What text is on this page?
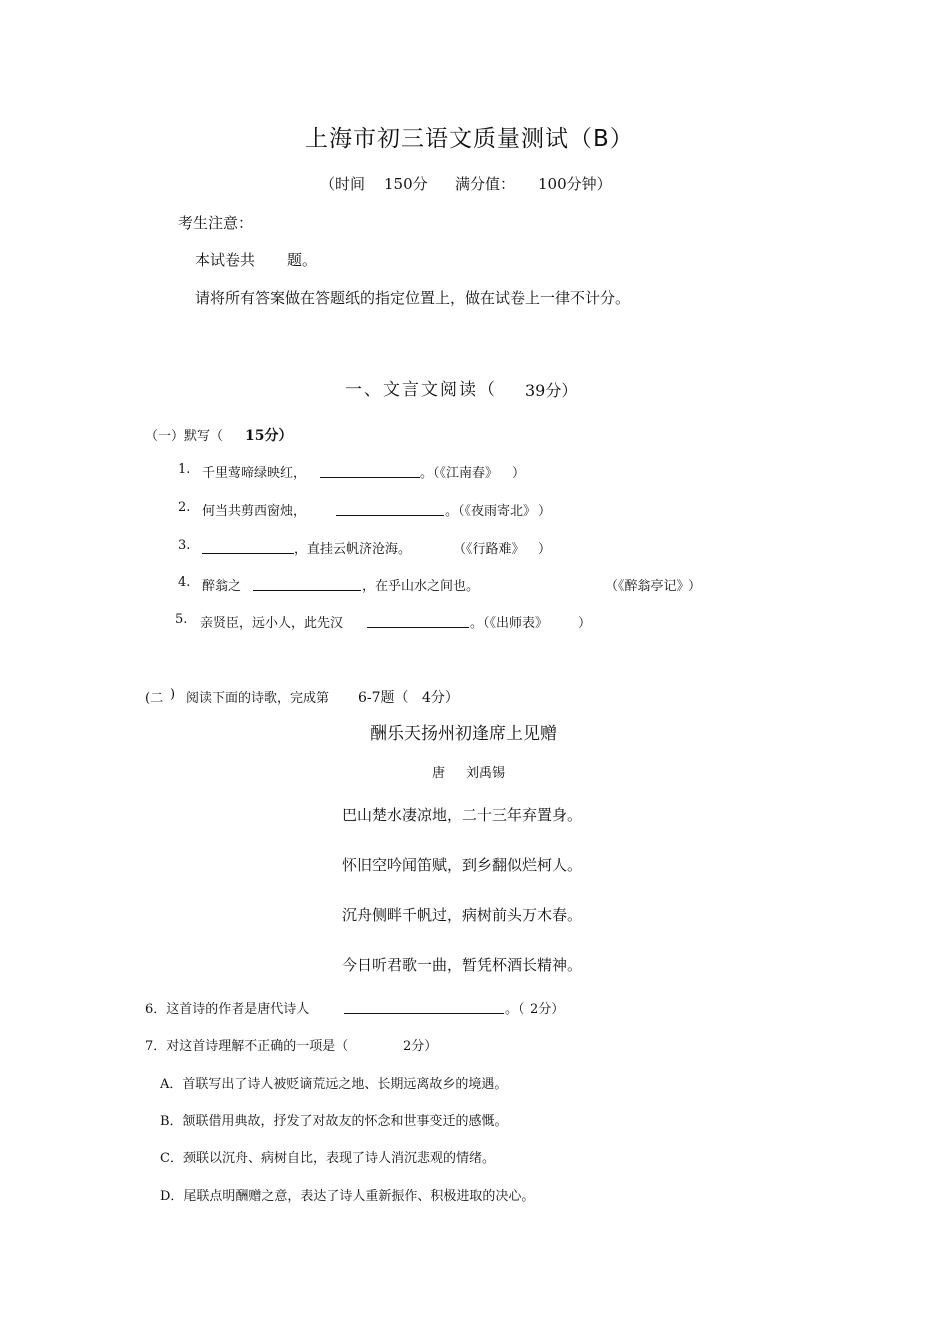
上海市初三语文质量测试（B）
（时间 150分 满分值： 100分钟）
考生注意：
本试卷共 题。
请将所有答案做在答题纸的指定位置上，做在试卷上一律不计分。
一、文言文阅读（ 39分）
（一）默写（ 15分）
1. 千里莺啼绿映红，	。（《江南春》 ）
2. 何当共剪西窗烛，	。（《夜雨寄北》 ）
3.	，直挂云帆济沧海。	（《行路难》 ）
4. 醉翁之	，在乎山水之间也。	（《醉翁亭记》
）
5. 亲贤臣，远小人，此先汉	。（《出师表》 ）
(二 ) 阅读下面的诗歌，完成第 6-7题（ 4分）
酬乐天扬州初逢席上见赠
唐 刘禹锡
巴山楚水凄凉地，二十三年弃置身。
怀旧空吟闻笛赋，到乡翻似烂柯人。
沉舟侧畔千帆过，病树前头万木春。
今日听君歌一曲，暂凭杯酒长精神。
6．这首诗的作者是唐代诗人	。（ 2分）
7．对这首诗理解不正确的一项是（	2分）
A．首联写出了诗人被贬谪荒远之地、长期远离故乡的境遇。
B．颔联借用典故，抒发了对故友的怀念和世事变迁的感慨。
C．颈联以沉舟、病树自比，表现了诗人消沉悲观的情绪。
D．尾联点明酬赠之意，表达了诗人重新振作、积极进取的决心。
